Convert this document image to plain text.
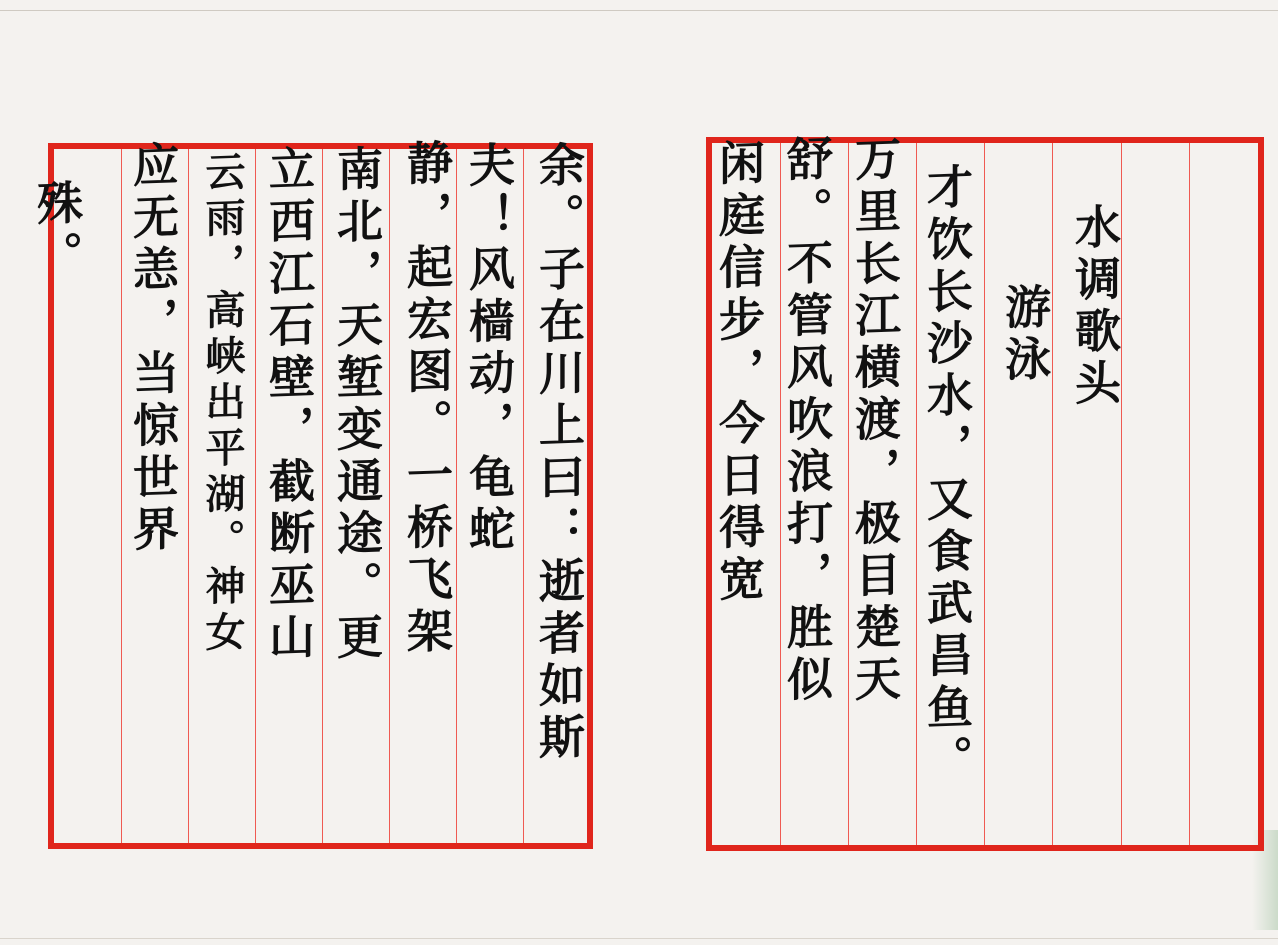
余。子在川上曰：逝者如斯
夫！风樯动，龟蛇
静，起宏图。一桥飞架
南北，天堑变通途。更
立西江石壁，截断巫山
云雨，高峡出平湖。神女
应无恙，当惊世界
殊。	水调歌头
游泳
才饮长沙水，又食武昌鱼。
万里长江横渡，极目楚天
舒。不管风吹浪打，胜似
闲庭信步，今日得宽
